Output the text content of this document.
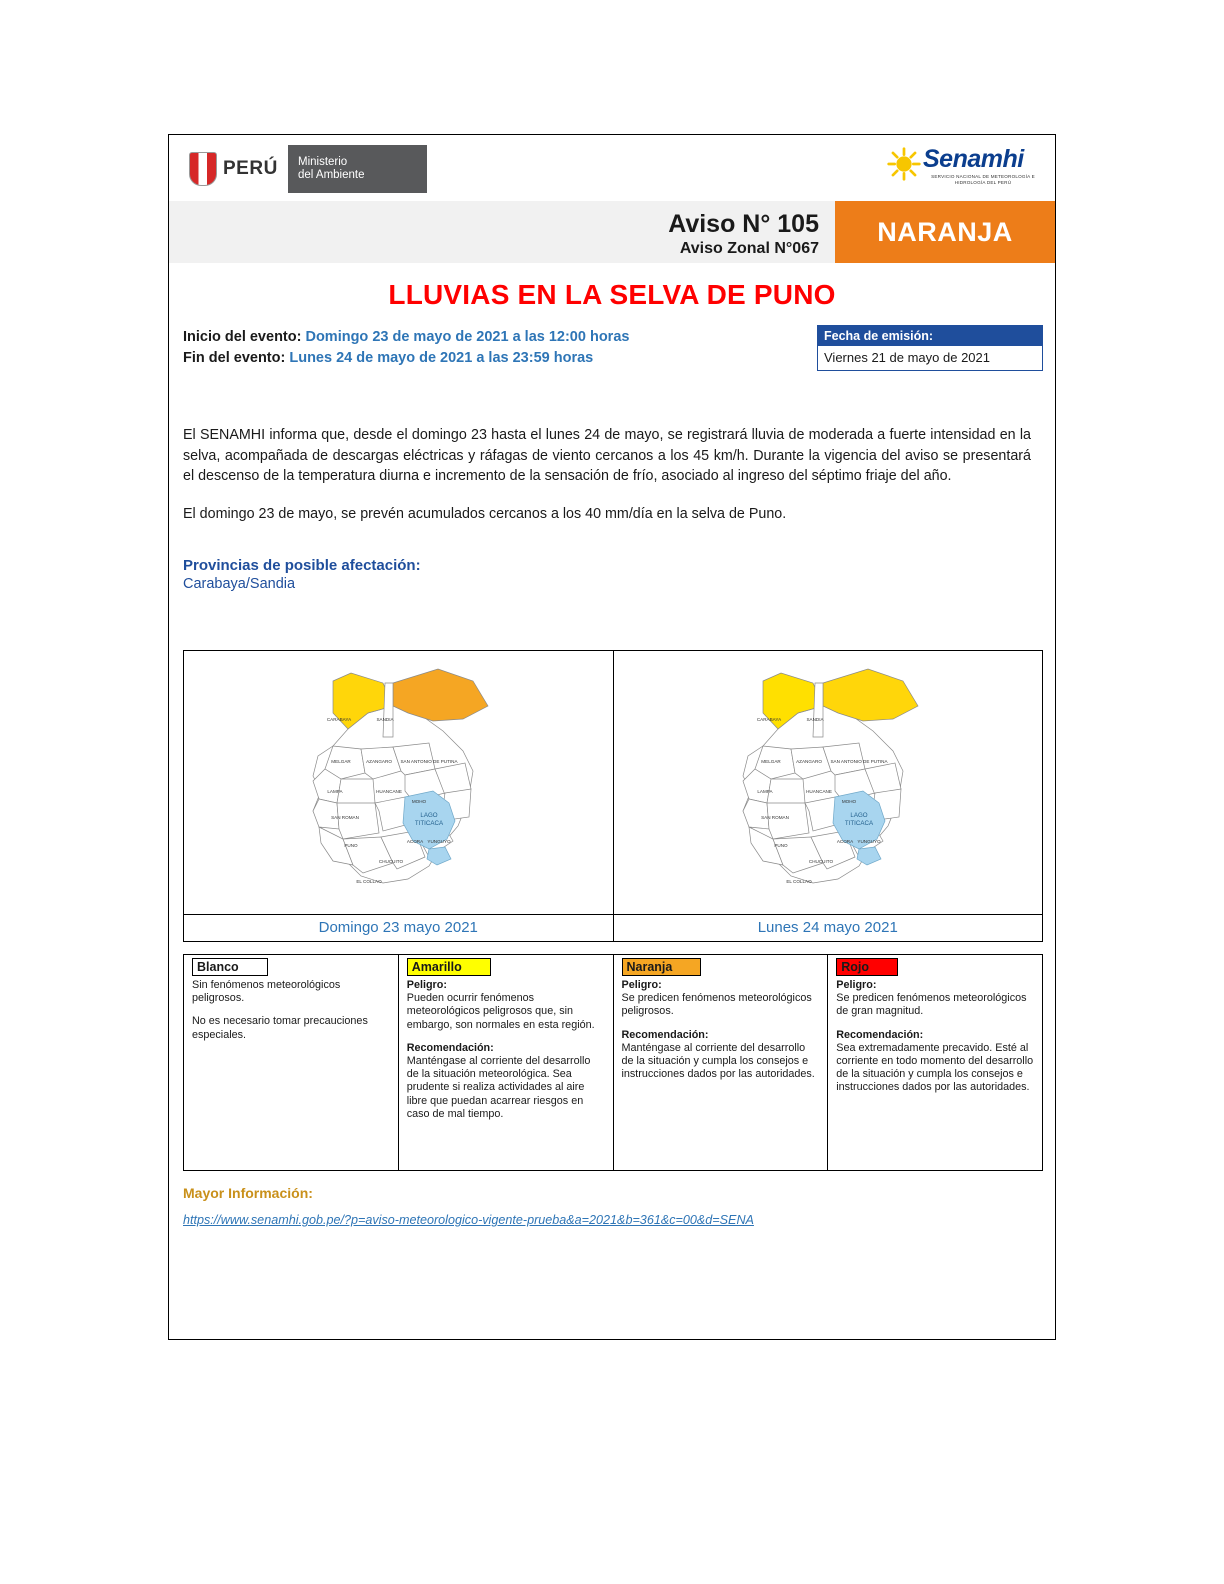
PERÚ Ministerio
del Ambiente
Senamhi
SERVICIO NACIONAL DE METEOROLOGÍA E HIDROLOGÍA DEL PERÚ
Aviso N° 105
Aviso Zonal N°067
NARANJA
LLUVIAS EN LA SELVA DE PUNO
Inicio del evento: Domingo 23 de mayo de 2021 a las 12:00 horas
Fin del evento: Lunes 24 de mayo de 2021 a las 23:59 horas
Fecha de emisión:
Viernes 21 de mayo de 2021

El SENAMHI informa que, desde el domingo 23 hasta el lunes 24 de mayo, se registrará lluvia de moderada a fuerte intensidad en la selva, acompañada de descargas eléctricas y ráfagas de viento cercanos a los 45 km/h. Durante la vigencia del aviso se presentará el descenso de la temperatura diurna e incremento de la sensación de frío, asociado al ingreso del séptimo friaje del año.

El domingo 23 de mayo, se prevén acumulados cercanos a los 40 mm/día en la selva de Puno.

Provincias de posible afectación:
Carabaya/Sandia
CARABAYA	SANDIA
MELGAR	AZANGARO SAN ANTONIO DE PUTINA
HUANCANE
MOHO
LAMPA
SAN ROMAN
PUNO
YUNGUYO
ACORA
CHUCUITO
EL COLLAO
LAGO
TITICACA
Domingo 23 mayo 2021
CARABAYA	SANDIA
MELGAR	AZANGARO SAN ANTONIO DE PUTINA
HUANCANE
MOHO
LAMPA
SAN ROMAN
PUNO
YUNGUYO
ACORA
CHUCUITO
EL COLLAO
LAGO
TITICACA
Lunes 24 mayo 2021
Blanco

Sin fenómenos meteorológicos peligrosos.

No es necesario tomar precauciones especiales.

Amarillo

Peligro:
Pueden ocurrir fenómenos meteorológicos peligrosos que, sin embargo, son normales en esta región.

Recomendación:
Manténgase al corriente del desarrollo de la situación meteorológica. Sea prudente si realiza actividades al aire libre que puedan acarrear riesgos en caso de mal tiempo.

Naranja

Peligro:
Se predicen fenómenos meteorológicos peligrosos.

Recomendación:
Manténgase al corriente del desarrollo de la situación y cumpla los consejos e instrucciones dados por las autoridades.

Rojo

Peligro:
Se predicen fenómenos meteorológicos de gran magnitud.

Recomendación:
Sea extremadamente precavido. Esté al corriente en todo momento del desarrollo de la situación y cumpla los consejos e instrucciones dados por las autoridades.

Mayor Información:
https://www.senamhi.gob.pe/?p=aviso-meteorologico-vigente-prueba&a=2021&b=361&c=00&d=SENA
